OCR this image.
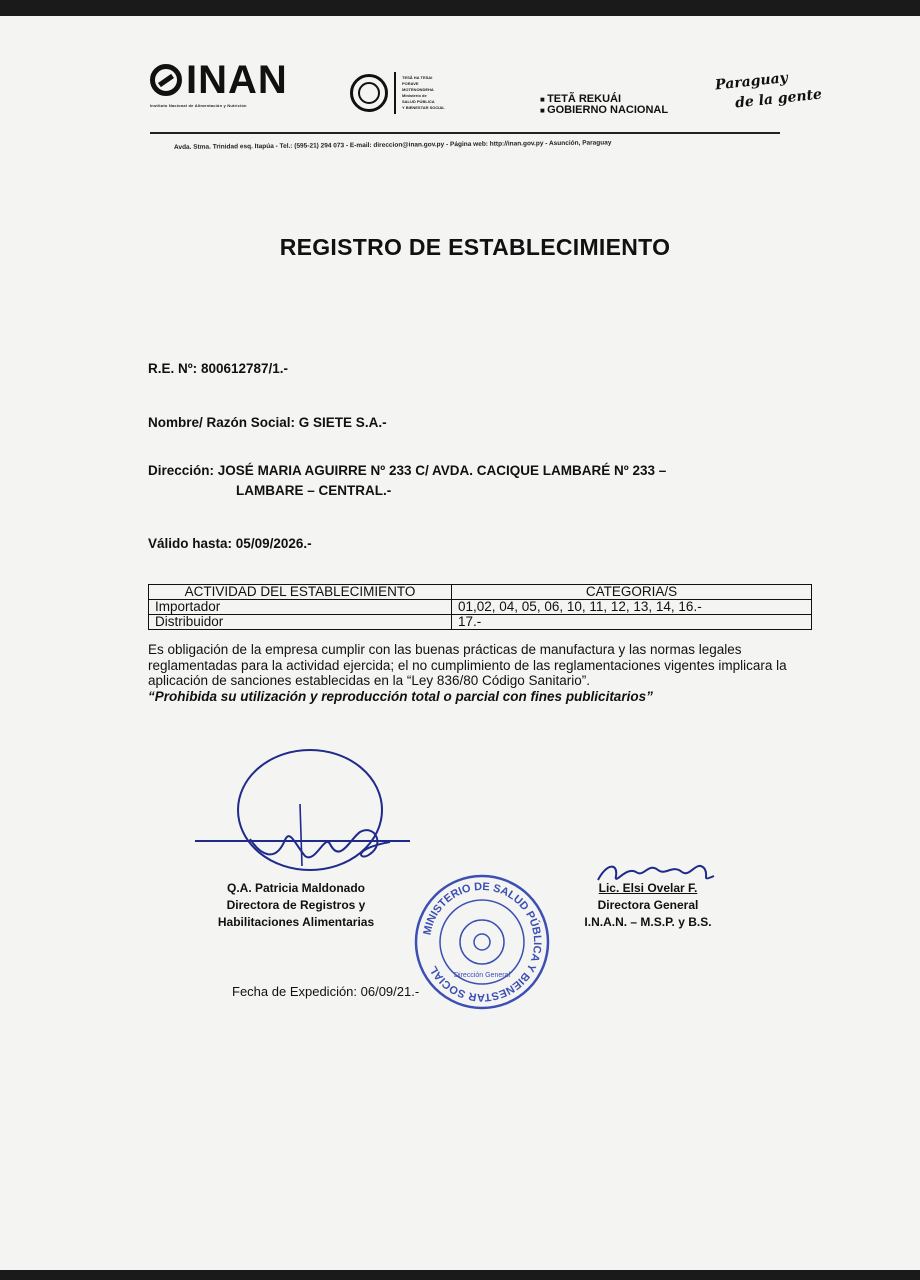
INAN
Instituto Nacional de Alimentación y Nutrición
TESÃ HA TESAI
PORAVE
MOTENONDEHA
Ministerio de
SALUD PÚBLICA
Y BIENESTAR SOCIAL
■ TETÃ REKUÁI
■ GOBIERNO NACIONAL
Paraguay
de la gente
Avda. Stma. Trinidad esq. Itapúa - Tel.: (595-21) 294 073 - E-mail: direccion@inan.gov.py - Página web: http://inan.gov.py - Asunción, Paraguay
REGISTRO DE ESTABLECIMIENTO
R.E. Nº: 800612787/1.-
Nombre/ Razón Social: G SIETE S.A.-
Dirección: JOSÉ MARIA AGUIRRE Nº 233 C/ AVDA. CACIQUE LAMBARÉ Nº 233 –
LAMBARE – CENTRAL.-
Válido hasta: 05/09/2026.-
ACTIVIDAD DEL ESTABLECIMIENTO	CATEGORIA/S
Importador	01,02, 04, 05, 06, 10, 11, 12, 13, 14, 16.-
Distribuidor	17.-
Es obligación de la empresa cumplir con las buenas prácticas de manufactura y las normas legales reglamentadas para la actividad ejercida; el no cumplimiento de las reglamentaciones vigentes implicara la aplicación de sanciones establecidas en la “Ley 836/80 Código Sanitario”.
“Prohibida su utilización y reproducción total o parcial con fines publicitarios”
Q.A. Patricia Maldonado
Directora de Registros y
Habilitaciones Alimentarias
MINISTERIO DE SALUD PÚBLICA Y BIENESTAR SOCIAL
Dirección General
Lic. Elsi Ovelar F.
Directora General
I.N.A.N. – M.S.P. y B.S.
Fecha de Expedición: 06/09/21.-
